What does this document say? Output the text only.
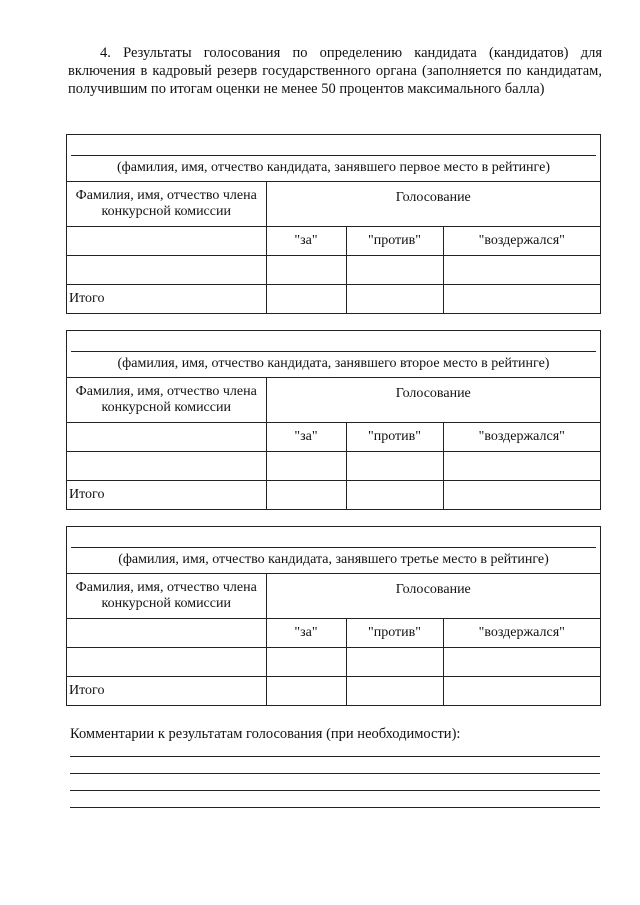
4. Результаты голосования по определению кандидата (кандидатов) для включения в кадровый резерв государственного органа (заполняется по кандидатам, получившим по итогам оценки не менее 50 процентов максимального балла)

(фамилия, имя, отчество кандидата, занявшего первое место в рейтинге)
Фамилия, имя, отчество члена конкурсной комиссии	Голосование		
	"за"	"против"	"воздержался"

Итого			
(фамилия, имя, отчество кандидата, занявшего второе место в рейтинге)
Фамилия, имя, отчество члена конкурсной комиссии	Голосование		
	"за"	"против"	"воздержался"

Итого			
(фамилия, имя, отчество кандидата, занявшего третье место в рейтинге)
Фамилия, имя, отчество члена конкурсной комиссии	Голосование		
	"за"	"против"	"воздержался"

Итого			

Комментарии к результатам голосования (при необходимости):
